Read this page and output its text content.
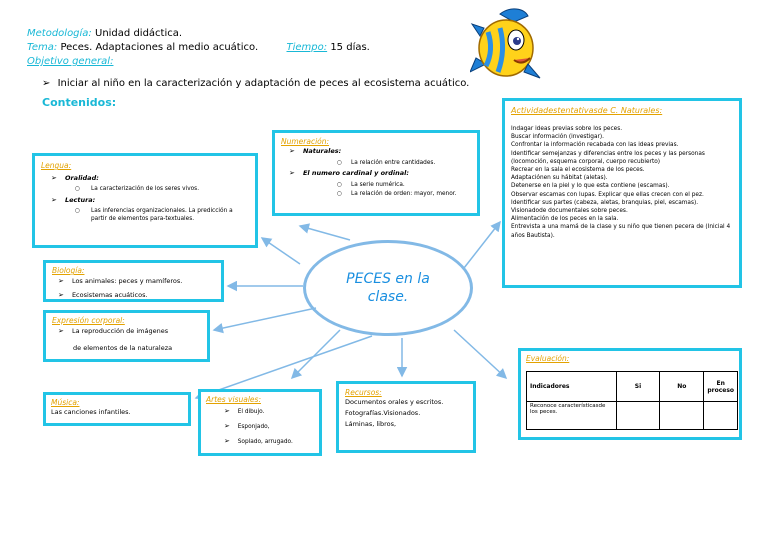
Metodología: Unidad didáctica.
Tema: Peces. Adaptaciones al medio acuático.	Tiempo: 15 días.
Objetivo general:
➢ Iniciar al niño en la caracterización y adaptación de peces al ecosistema acuático.
Contenidos:
PECES en la
clase.
Lengua:
➢ Oralidad:
○ La caracterización de los seres vivos.
➢ Lectura:
○ Las inferencias organizacionales. La predicción a partir de elementos para-textuales.
Numeración:
➢ Naturales:
○ La relación entre cantidades.
➢ El numero cardinal y ordinal:
○ La serie numérica.
○ La relación de orden: mayor, menor.
Actividadestentativasde C. Naturales:
Indagar ideas previas sobre los peces.
Buscar información (investigar).
Confrontar la información recabada con las ideas previas.
Identificar semejanzas y diferencias entre los peces y las personas (locomoción, esquema corporal, cuerpo recubierto)
Recrear en la sala el ecosistema de los peces.
Adaptaciónen su hábitat (aletas).
Detenerse en la piel y lo que esta contiene (escamas).
Observar escamas con lupas. Explicar que ellas crecen con el pez.
Identificar sus partes (cabeza, aletas, branquias, piel, escamas).
Visionadode documentales sobre peces.
Alimentación de los peces en la sala.
Entrevista a una mamá de la clase y su niño que tienen pecera de (Inicial 4 años Bautista).
Biología:
➢ Los animales: peces y mamíferos.
➢ Ecosistemas acuáticos.
Expresión corporal:
➢ La reproducción de imágenes
de elementos de la naturaleza
Música:
Las canciones infantiles.
Artes visuales:
➢ El dibujo.
➢ Esponjado,
➢ Soplado, arrugado.
Recursos:
Documentos orales y escritos.
Fotografías.Visionados.
Láminas, libros,
Evaluación:
Indicadores	Si	No	En proceso
Reconoce característicasde los peces.			
